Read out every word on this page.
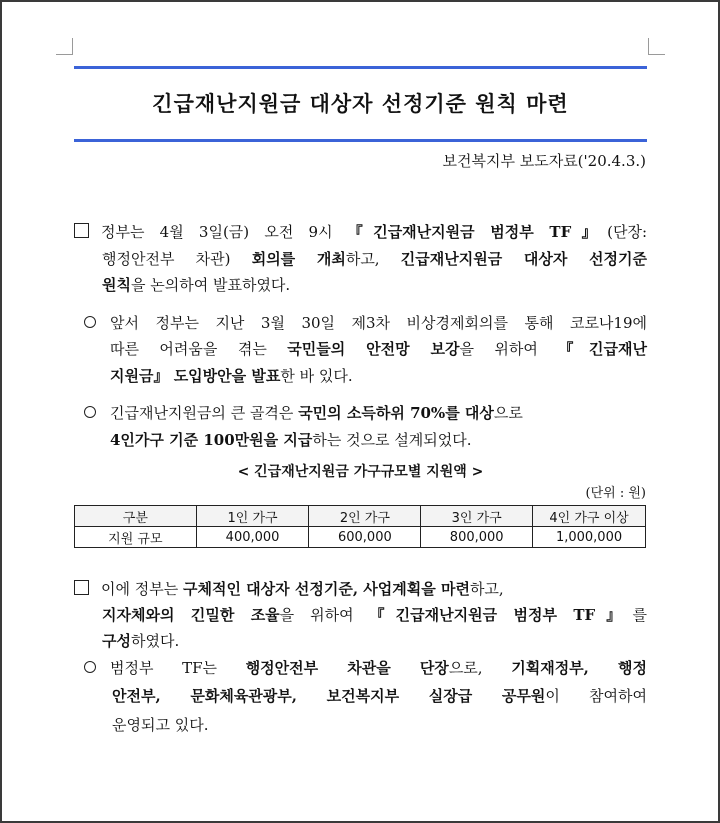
긴급재난지원금 대상자 선정기준 원칙 마련
보건복지부 보도자료('20.4.3.)
정부는 4월 3일(금) 오전 9시 『긴급재난지원금 범정부 TF』(단장:
행정안전부 차관) 회의를 개최하고, 긴급재난지원금 대상자 선정기준
원칙을 논의하여 발표하였다.
앞서 정부는 지난 3월 30일 제3차 비상경제회의를 통해 코로나19에
따른 어려움을 겪는 국민들의 안전망 보강을 위하여 『긴급재난
지원금』 도입방안을 발표한 바 있다.
긴급재난지원금의 큰 골격은 국민의 소득하위 70%를 대상으로
4인가구 기준 100만원을 지급하는 것으로 설계되었다.
< 긴급재난지원금 가구규모별 지원액 >
(단위 : 원)
구분	1인 가구	2인 가구	3인 가구	4인 가구 이상
지원 규모	400,000	600,000	800,000	1,000,000
이에 정부는 구체적인 대상자 선정기준, 사업계획을 마련하고,
지자체와의 긴밀한 조율을 위하여 『긴급재난지원금 범정부 TF』를
구성하였다.
범정부 TF는 행정안전부 차관을 단장으로, 기획재정부, 행정
안전부, 문화체육관광부, 보건복지부 실장급 공무원이 참여하여
운영되고 있다.
